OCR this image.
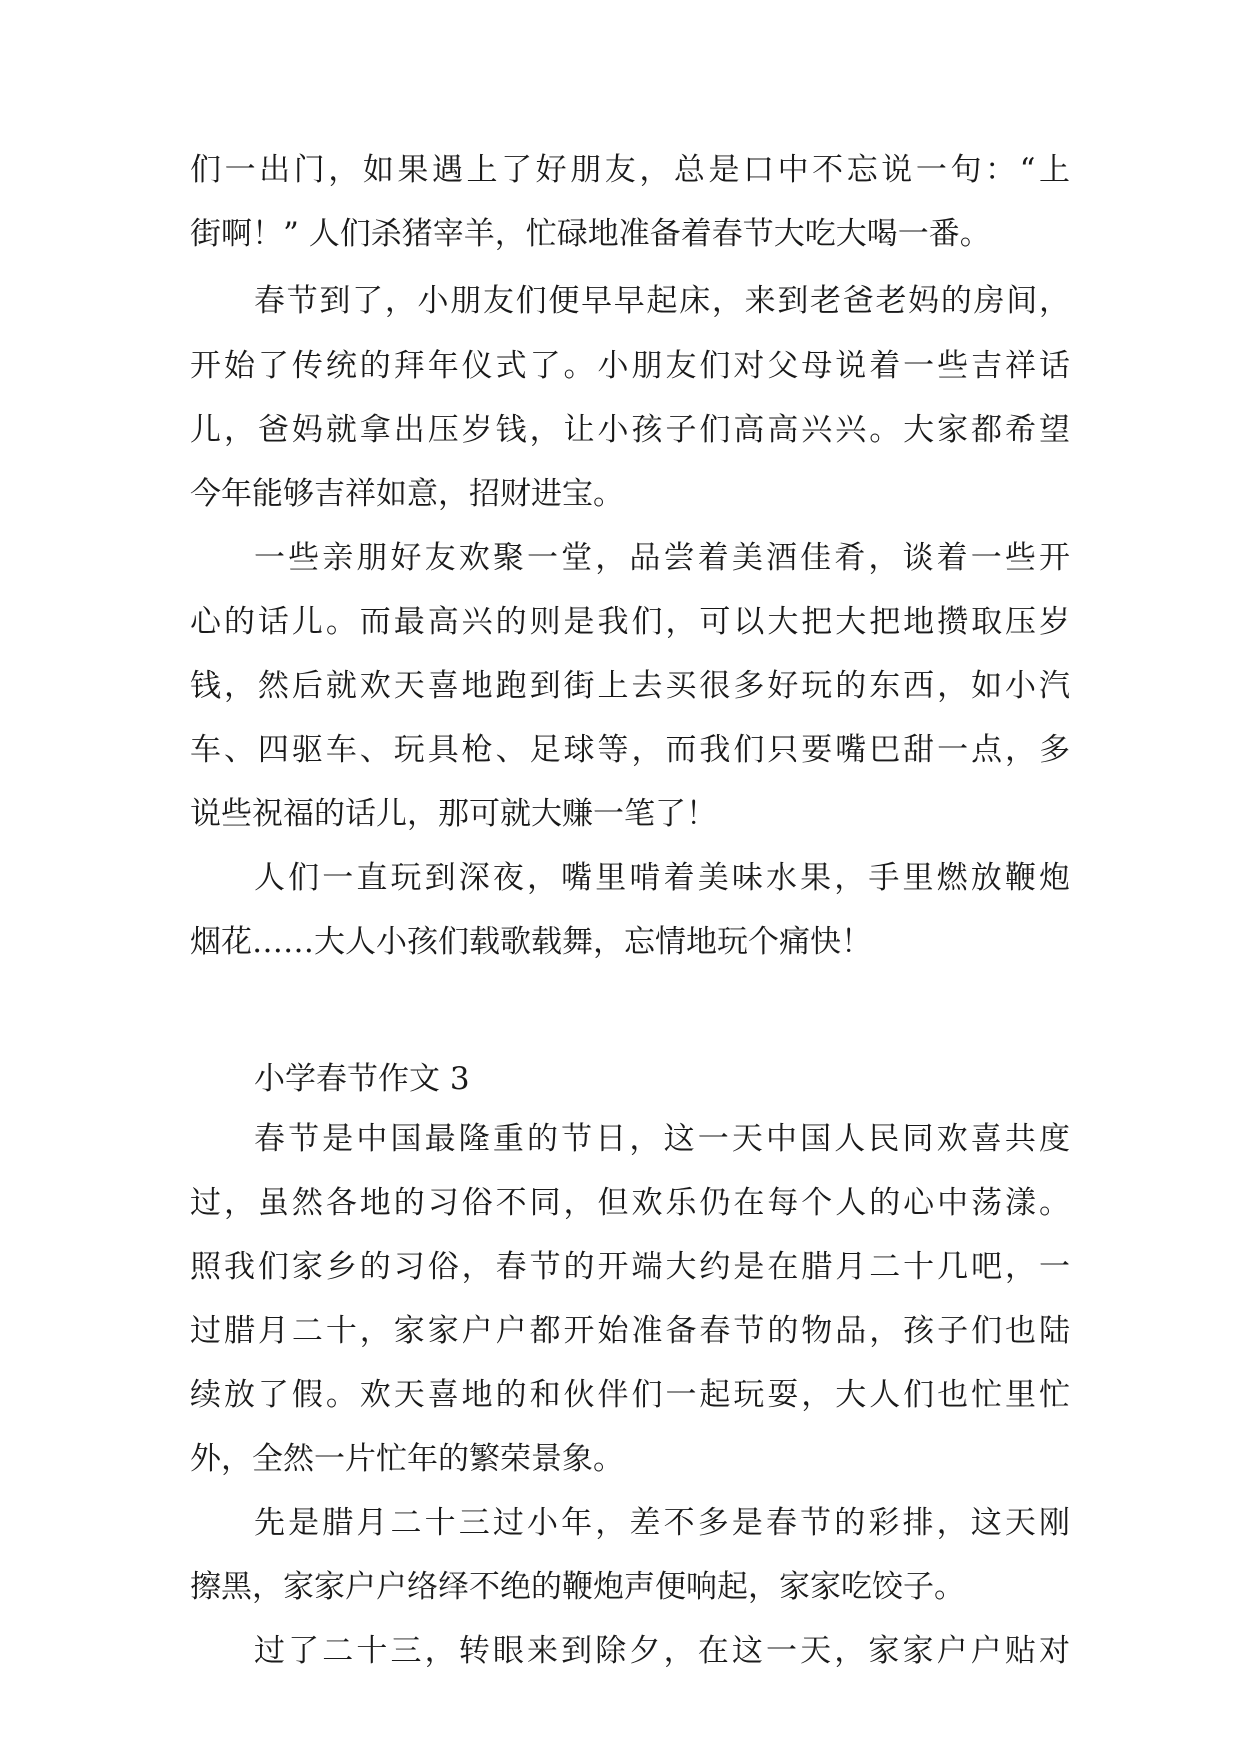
们一出门，如果遇上了好朋友，总是口中不忘说一句：“上

街啊！” 人们杀猪宰羊，忙碌地准备着春节大吃大喝一番。

春节到了，小朋友们便早早起床，来到老爸老妈的房间，

开始了传统的拜年仪式了。小朋友们对父母说着一些吉祥话

儿，爸妈就拿出压岁钱，让小孩子们高高兴兴。大家都希望

今年能够吉祥如意，招财进宝。

一些亲朋好友欢聚一堂，品尝着美酒佳肴，谈着一些开

心的话儿。而最高兴的则是我们，可以大把大把地攒取压岁

钱，然后就欢天喜地跑到街上去买很多好玩的东西，如小汽

车、四驱车、玩具枪、足球等，而我们只要嘴巴甜一点，多

说些祝福的话儿，那可就大赚一笔了！

人们一直玩到深夜，嘴里啃着美味水果，手里燃放鞭炮

烟花……大人小孩们载歌载舞，忘情地玩个痛快！

小学春节作文 3

春节是中国最隆重的节日，这一天中国人民同欢喜共度

过，虽然各地的习俗不同，但欢乐仍在每个人的心中荡漾。

照我们家乡的习俗，春节的开端大约是在腊月二十几吧，一

过腊月二十，家家户户都开始准备春节的物品，孩子们也陆

续放了假。欢天喜地的和伙伴们一起玩耍，大人们也忙里忙

外，全然一片忙年的繁荣景象。

先是腊月二十三过小年，差不多是春节的彩排，这天刚

擦黑，家家户户络绎不绝的鞭炮声便响起，家家吃饺子。

过了二十三，转眼来到除夕，在这一天，家家户户贴对
